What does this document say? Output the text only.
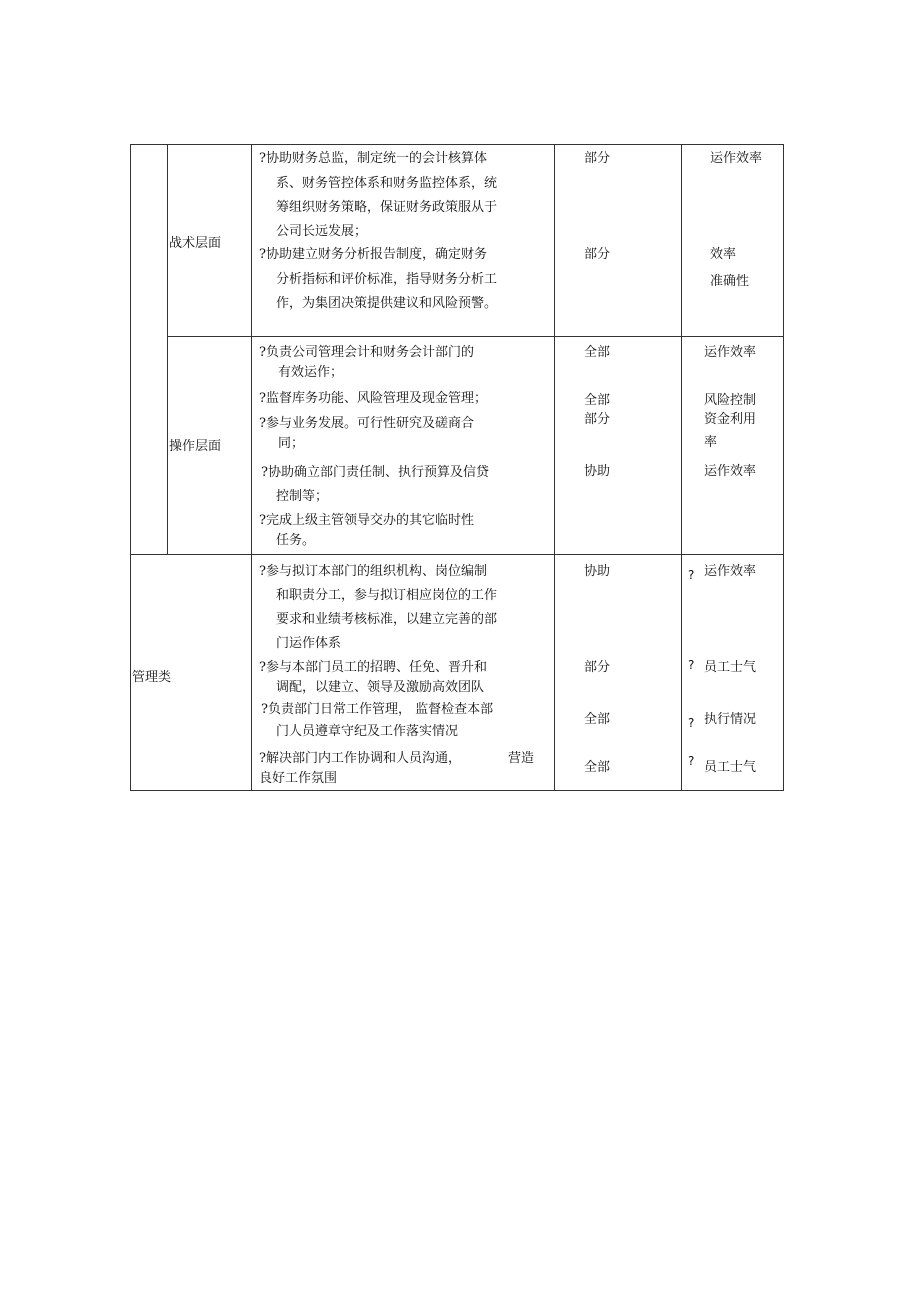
战术层面
?协助财务总监，制定统一的会计核算体
系、财务管控体系和财务监控体系，统
筹组织财务策略，保证财务政策服从于
公司长远发展；
部分	运作效率
?协助建立财务分析报告制度，确定财务
分析指标和评价标准，指导财务分析工
作，为集团决策提供建议和风险预警。
部分	效率
准确性
操作层面
?负责公司管理会计和财务会计部门的
有效运作；
全部	运作效率
?监督库务功能、风险管理及现金管理；	全部	风险控制
?参与业务发展。可行性研究及磋商合
同；
部分	资金利用
率
?协助确立部门责任制、执行预算及信贷
控制等；
协助	运作效率
?完成上级主管领导交办的其它临时性
任务。
管理类
?参与拟订本部门的组织机构、岗位编制
和职责分工，参与拟订相应岗位的工作
要求和业绩考核标准，以建立完善的部
门运作体系
协助	? 运作效率
?参与本部门员工的招聘、任免、晋升和
调配，以建立、领导及激励高效团队
部分	? 员工士气
?负责部门日常工作管理， 监督检查本部
门人员遵章守纪及工作落实情况
全部	? 执行情况
?解决部门内工作协调和人员沟通，	营造
良好工作氛围
全部	? 员工士气
